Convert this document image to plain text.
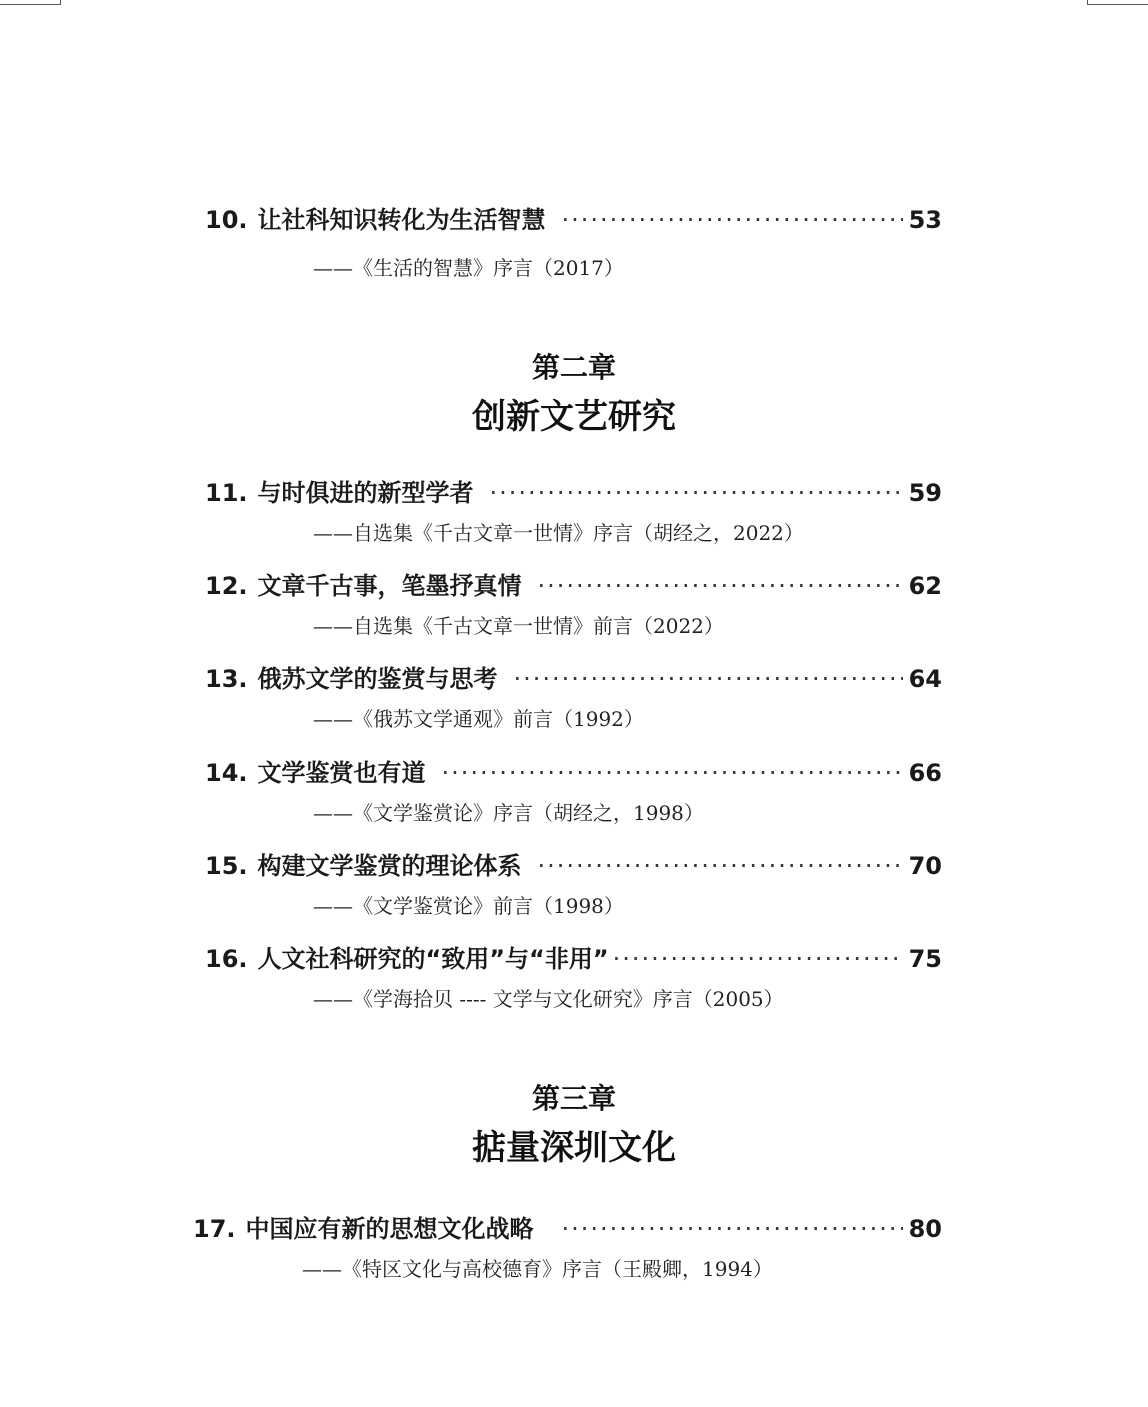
10. 让社科知识转化为生活智慧 ·····	53
——《生活的智慧》序言（2017）
第二章
创新文艺研究
11. 与时俱进的新型学者 ·····	59
——自选集《千古文章一世情》序言（胡经之，2022）
12. 文章千古事，笔墨抒真情 ·····	62
——自选集《千古文章一世情》前言（2022）
13. 俄苏文学的鉴赏与思考 ·····	64
——《俄苏文学通观》前言（1992）
14. 文学鉴赏也有道 ·····	66
——《文学鉴赏论》序言（胡经之，1998）
15. 构建文学鉴赏的理论体系 ·····	70
——《文学鉴赏论》前言（1998）
16. 人文社科研究的“致用”与“非用” ·····	75
——《学海拾贝 ---- 文学与文化研究》序言（2005）
第三章
掂量深圳文化
17. 中国应有新的思想文化战略 ·····	80
——《特区文化与高校德育》序言（王殿卿，1994）
